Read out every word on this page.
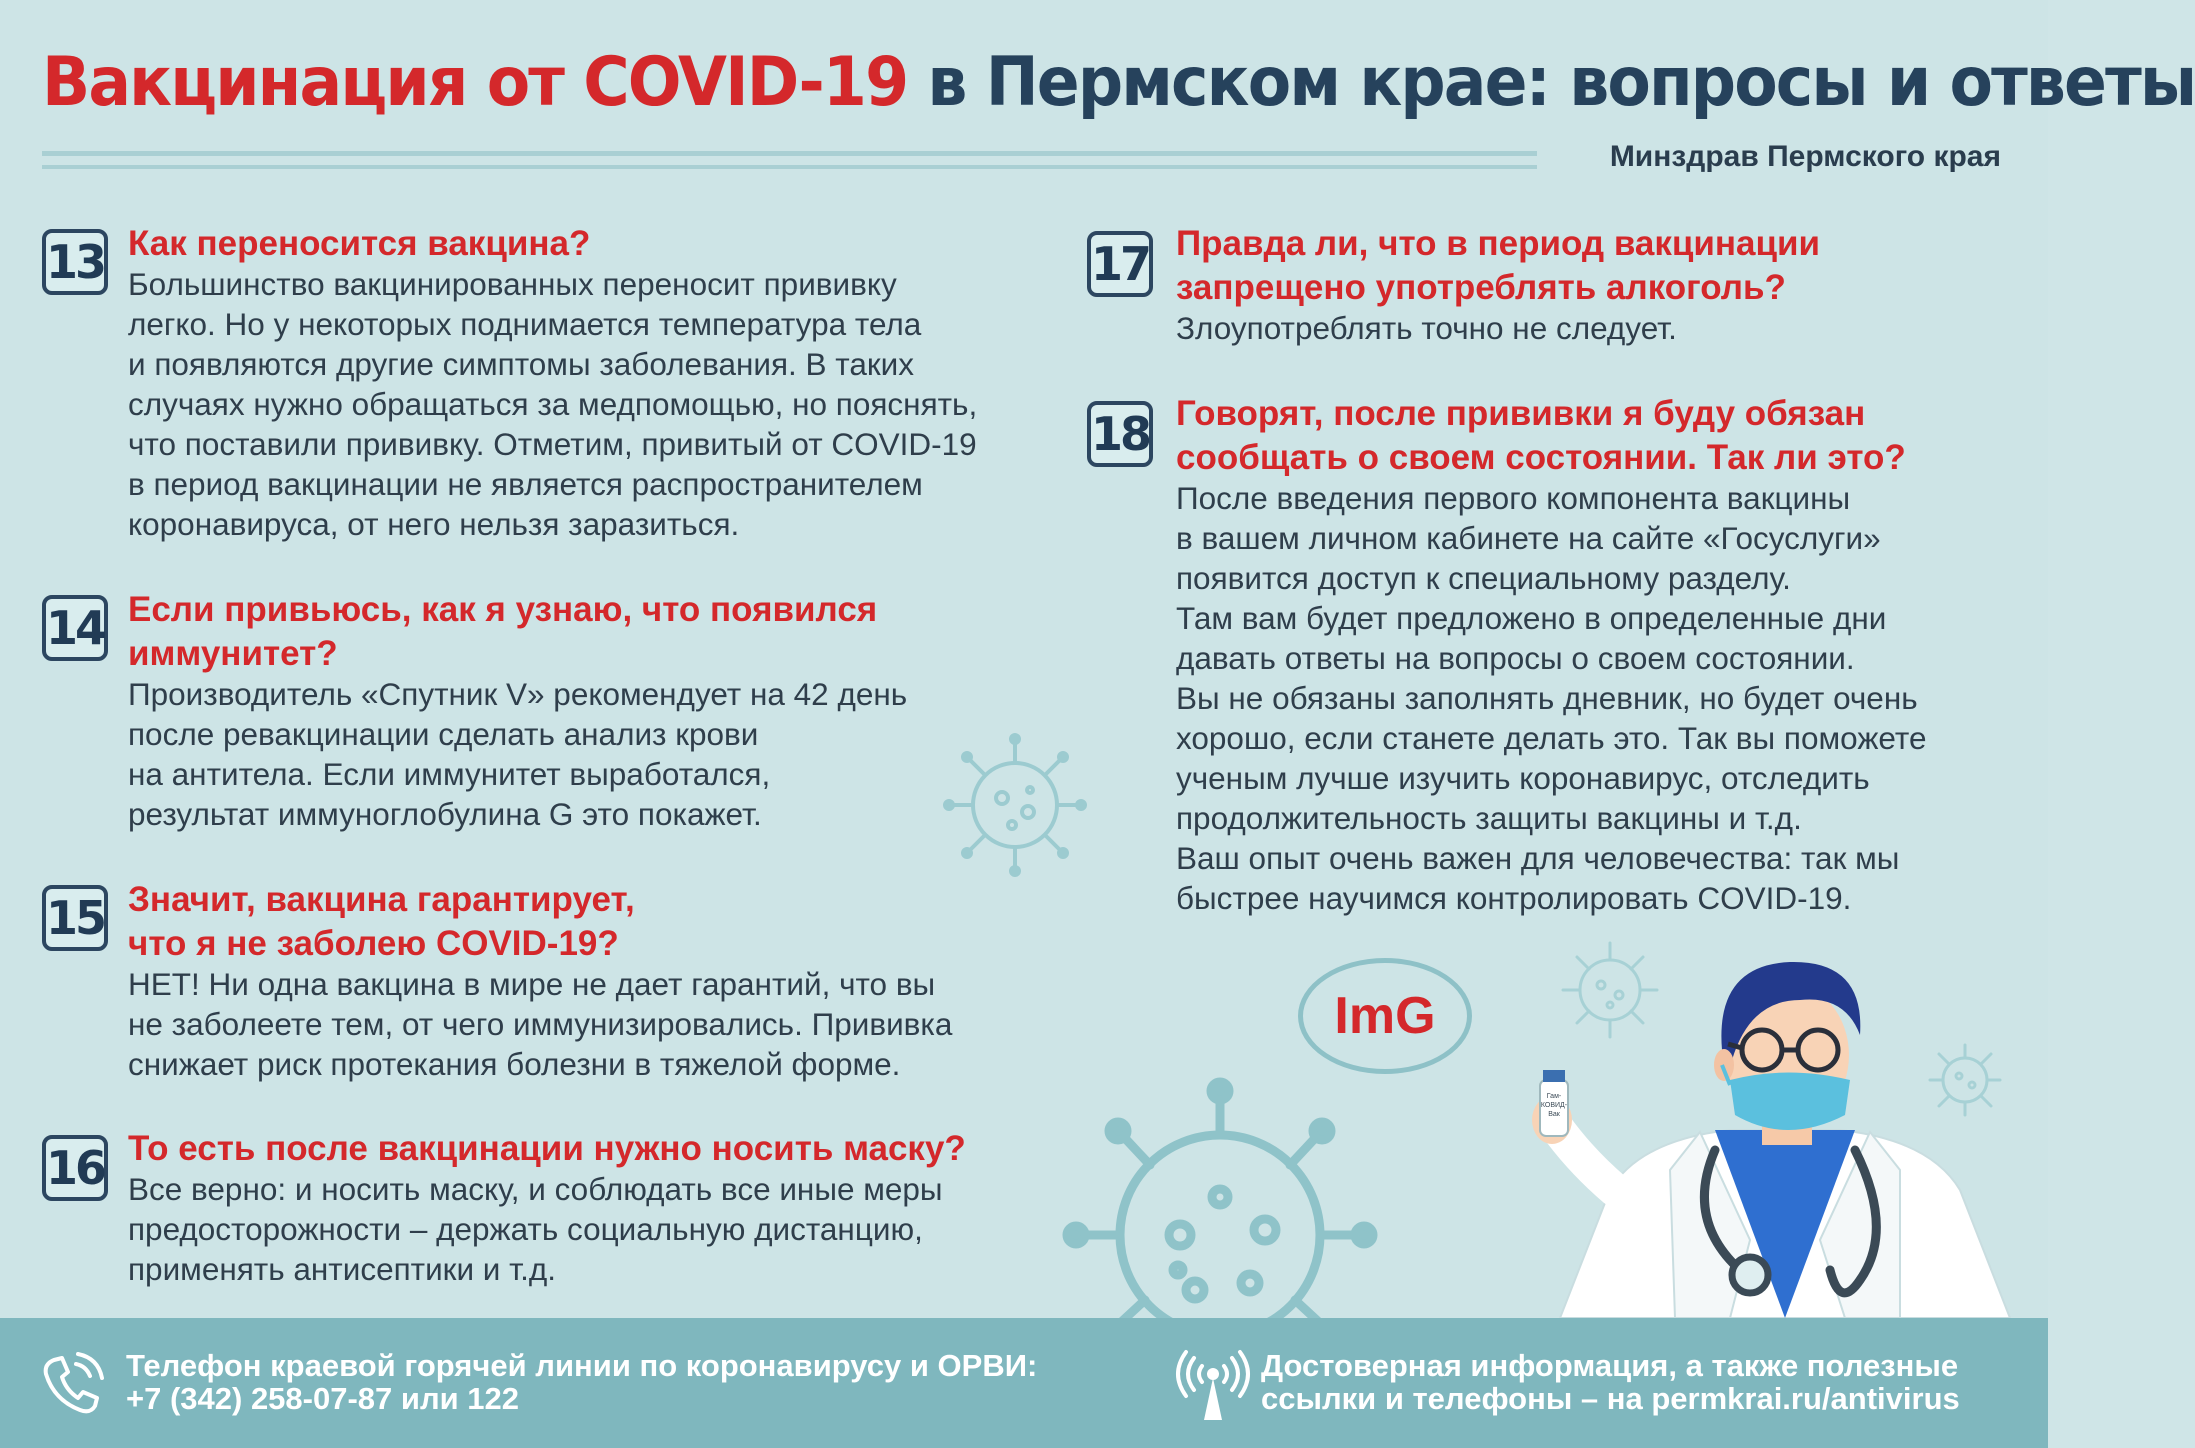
Вакцинация от COVID-19 в Пермском крае: вопросы и ответы
Минздрав Пермского края
13 Как переносится вакцина?
Большинство вакцинированных переносит прививку
легко. Но у некоторых поднимается температура тела
и появляются другие симптомы заболевания. В таких
случаях нужно обращаться за медпомощью, но пояснять,
что поставили прививку. Отметим, привитый от COVID-19
в период вакцинации не является распространителем
коронавируса, от него нельзя заразиться.
14 Если привьюсь, как я узнаю, что появился
иммунитет?
Производитель «Спутник V» рекомендует на 42 день
после ревакцинации сделать анализ крови
на антитела. Если иммунитет выработался,
результат иммуноглобулина G это покажет.
15 Значит, вакцина гарантирует,
что я не заболею COVID-19?
НЕТ! Ни одна вакцина в мире не дает гарантий, что вы
не заболеете тем, от чего иммунизировались. Прививка
снижает риск протекания болезни в тяжелой форме.
16 То есть после вакцинации нужно носить маску?
Все верно: и носить маску, и соблюдать все иные меры
предосторожности – держать социальную дистанцию,
применять антисептики и т.д.
17 Правда ли, что в период вакцинации
запрещено употреблять алкоголь?
Злоупотреблять точно не следует.
18 Говорят, после прививки я буду обязан
сообщать о своем состоянии. Так ли это?
После введения первого компонента вакцины
в вашем личном кабинете на сайте «Госуслуги»
появится доступ к специальному разделу.
Там вам будет предложено в определенные дни
давать ответы на вопросы о своем состоянии.
Вы не обязаны заполнять дневник, но будет очень
хорошо, если станете делать это. Так вы поможете
ученым лучше изучить коронавирус, отследить
продолжительность защиты вакцины и т.д.
Ваш опыт очень важен для человечества: так мы
быстрее научимся контролировать COVID-19.
ImG
Гам-КОВИД-Вак
Телефон краевой горячей линии по коронавирусу и ОРВИ:
+7 (342) 258-07-87 или 122
Достоверная информация, а также полезные
ссылки и телефоны – на permkrai.ru/antivirus
